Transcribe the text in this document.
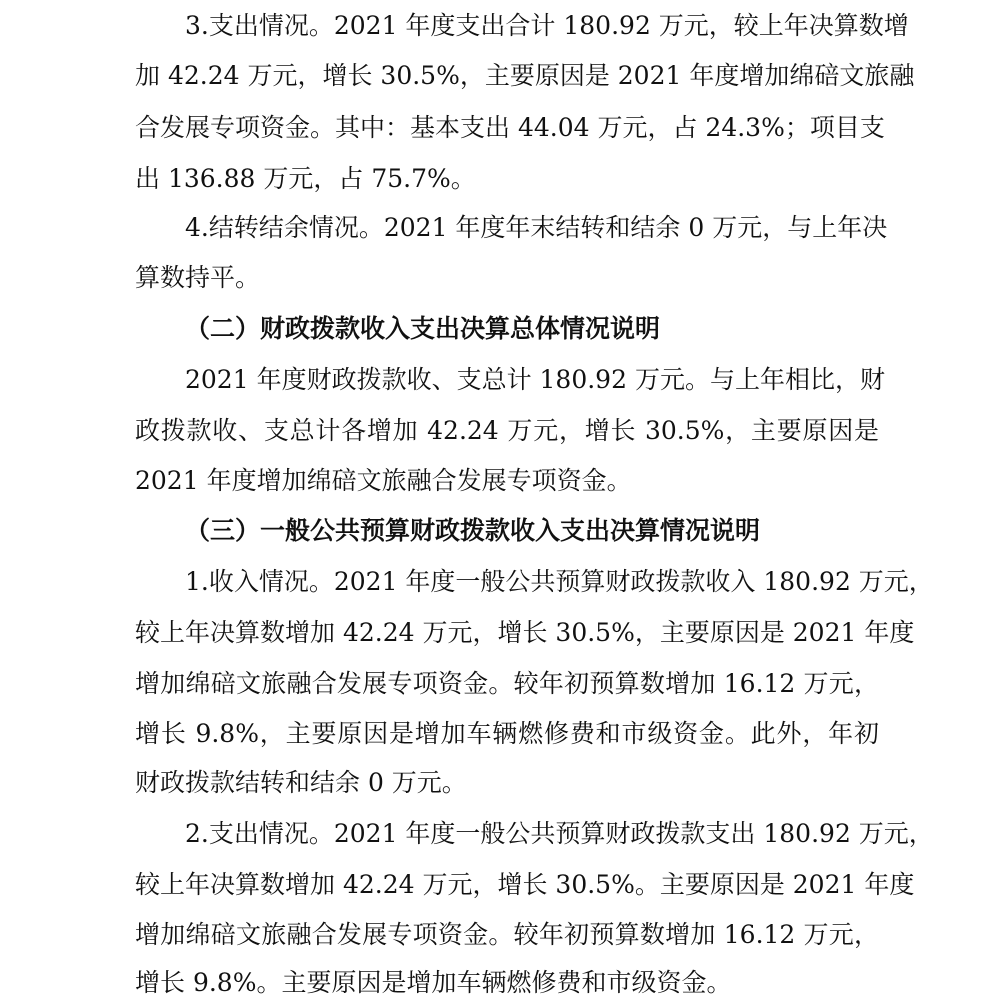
3.支出情况。2021 年度支出合计 180.92 万元，较上年决算数增
加 42.24 万元，增长 30.5%，主要原因是 2021 年度增加绵碚文旅融
合发展专项资金。其中：基本支出 44.04 万元，占 24.3%；项目支
出 136.88 万元，占 75.7%。
4.结转结余情况。2021 年度年末结转和结余 0 万元，与上年决
算数持平。
（二）财政拨款收入支出决算总体情况说明
2021 年度财政拨款收、支总计 180.92 万元。与上年相比，财
政拨款收、支总计各增加 42.24 万元，增长 30.5%，主要原因是
2021 年度增加绵碚文旅融合发展专项资金。
（三）一般公共预算财政拨款收入支出决算情况说明
1.收入情况。2021 年度一般公共预算财政拨款收入 180.92 万元，
较上年决算数增加 42.24 万元，增长 30.5%，主要原因是 2021 年度
增加绵碚文旅融合发展专项资金。较年初预算数增加 16.12 万元，
增长 9.8%，主要原因是增加车辆燃修费和市级资金。此外，年初
财政拨款结转和结余 0 万元。
2.支出情况。2021 年度一般公共预算财政拨款支出 180.92 万元，
较上年决算数增加 42.24 万元，增长 30.5%。主要原因是 2021 年度
增加绵碚文旅融合发展专项资金。较年初预算数增加 16.12 万元，
增长 9.8%。主要原因是增加车辆燃修费和市级资金。
